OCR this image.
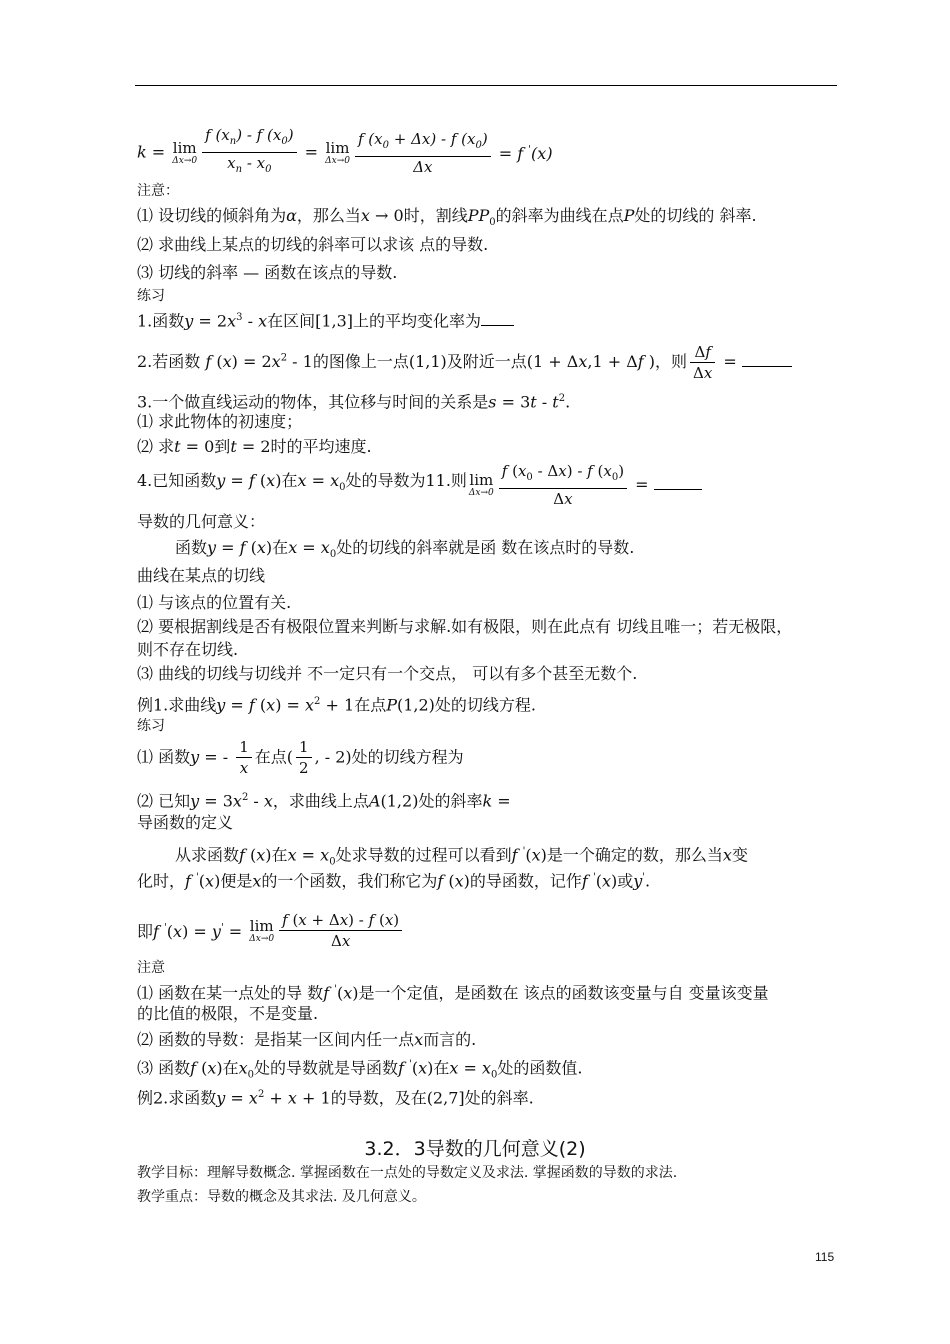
k = lim
$\Delta x\to 0 \frac{f (x_n) - f (x_0)}{x_n - x_0} = \lim$
$\Delta x\to 0 \frac{f (x_0 + \Delta x) - f (x_0)}{\Delta x} = f$ '(x)
注意：
⑴ 设切线的倾斜角为α，那么当x → 0时，割线$PP_0$的斜率为曲线在点P处的切线的 斜率.
⑵ 求曲线上某点的切线的斜率可以求该 点的导数.
⑶ 切线的斜率 — 函数在该点的导数.
练习
1.函数$y = 2x^3 - x$在区间[1,3]上的平均变化率为
2.若函数 f $(x) = 2x^2 - 1$的图像上一点(1,1)及附近一点(1 + Δx,1 + Δf )，则 $\frac{\Delta f}{\Delta x}$ =
3.一个做直线运动的物体，其位移与时间的关系是$s = 3t - t^2$.
⑴ 求此物体的初速度；
⑵ 求t = 0到t = 2时的平均速度.
4.已知函数y = f (x)在$x = x_0$处的导数为11.则 lim
$\Delta x\to 0 \frac{f (x_0 - \Delta x) - f (x_0)}{\Delta x}$ =
导数的几何意义：
函数y = f (x)在$x = x_0$处的切线的斜率就是函 数在该点时的导数.
曲线在某点的切线
⑴ 与该点的位置有关.
⑵ 要根据割线是否有极限位置来判断与求解.如有极限，则在此点有 切线且唯一；若无极限，
则不存在切线.
⑶ 曲线的切线与切线并 不一定只有一个交点， 可以有多个甚至无数个.
例1.求曲线y = f $(x) = x^2 + 1$在点P(1,2)处的切线方程.
练习
⑴ 函数y = - $\frac{1}{x}$ 在点( $\frac{1}{2}$ , - 2)处的切线方程为
⑵ 已知$y = 3x^2 - x$，求曲线上点A(1,2)处的斜率k =
导函数的定义
从求函数f (x)在$x = x_0$处求导数的过程可以看到f '(x)是一个确定的数，那么当x变
化时，f '(x)便是x的一个函数，我们称它为f (x)的导函数，记作f '(x)或y'.
即f '(x) = y' = lim
$\Delta x\to 0 \frac{f (x + \Delta x) - f (x)}{\Delta x}$
注意
⑴ 函数在某一点处的导 数f '(x)是一个定值，是函数在 该点的函数该变量与自 变量该变量
的比值的极限，不是变量.
⑵ 函数的导数：是指某一区间内任一点x而言的.
⑶ 函数f (x)在$x_0$处的导数就是导函数f '(x)在$x = x_0$处的函数值.
例2.求函数$y = x^2 + x + 1$的导数，及在(2,7]处的斜率.
3.2．3导数的几何意义(2)
教学目标：理解导数概念. 掌握函数在一点处的导数定义及求法. 掌握函数的导数的求法.
教学重点：导数的概念及其求法. 及几何意义。
115
